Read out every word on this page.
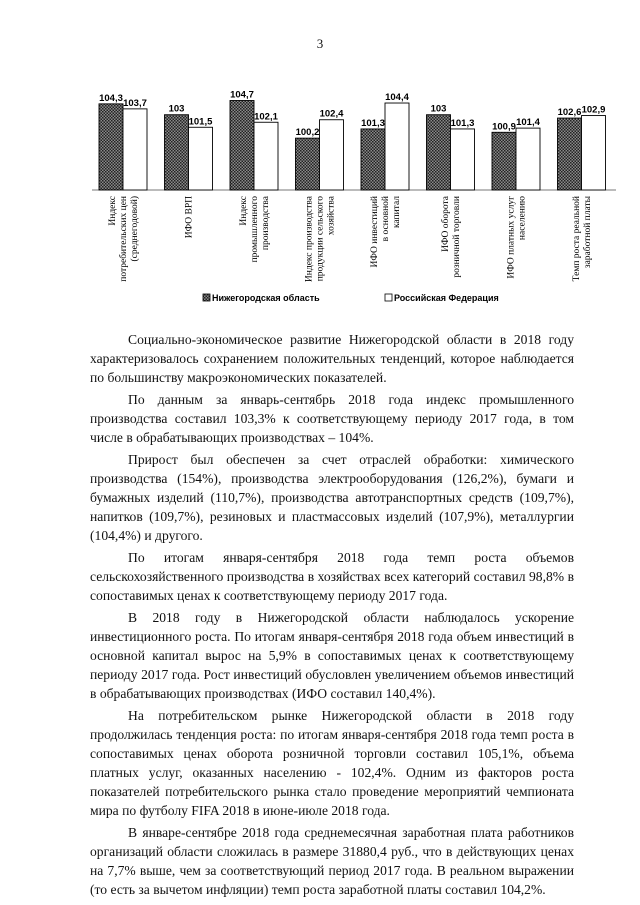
3
104,3 103,7
103
101,5
104,7
102,1
100,2
102,4
101,3
104,4
103
101,3 100,9 101,4
102,6 102,9
Индекс потребительских цен (среднегодовой)	ИФО ВРП	Индекс промышленного производства	Индекс производства продукции сельского хозяйства	ИФО инвестиций в основной капитал	ИФО оборота розничной торговли	ИФО платных услуг населению	Темп роста реальной заработной платы
Нижегородская область	Российская Федерация

Социально-экономическое развитие Нижегородской области в 2018 году характеризовалось сохранением положительных тенденций, которое наблюдается по большинству макроэкономических показателей.

По данным за январь-сентябрь 2018 года индекс промышленного производства составил 103,3% к соответствующему периоду 2017 года, в том числе в обрабатывающих производствах – 104%.

Прирост был обеспечен за счет отраслей обработки: химического производства (154%), производства электрооборудования (126,2%), бумаги и бумажных изделий (110,7%), производства автотранспортных средств (109,7%), напитков (109,7%), резиновых и пластмассовых изделий (107,9%), металлургии (104,4%) и другого.

По итогам января-сентября 2018 года темп роста объемов сельскохозяйственного производства в хозяйствах всех категорий составил 98,8% в сопоставимых ценах к соответствующему периоду 2017 года.

В 2018 году в Нижегородской области наблюдалось ускорение инвестиционного роста. По итогам января-сентября 2018 года объем инвестиций в основной капитал вырос на 5,9% в сопоставимых ценах к соответствующему периоду 2017 года. Рост инвестиций обусловлен увеличением объемов инвестиций в обрабатывающих производствах (ИФО составил 140,4%).

На потребительском рынке Нижегородской области в 2018 году продолжилась тенденция роста: по итогам января-сентября 2018 года темп роста в сопоставимых ценах оборота розничной торговли составил 105,1%, объема платных услуг, оказанных населению - 102,4%. Одним из факторов роста показателей потребительского рынка стало проведение мероприятий чемпионата мира по футболу FIFA 2018 в июне-июле 2018 года.

В январе-сентябре 2018 года среднемесячная заработная плата работников организаций области сложилась в размере 31880,4 руб., что в действующих ценах на 7,7% выше, чем за соответствующий период 2017 года. В реальном выражении (то есть за вычетом инфляции) темп роста заработной платы составил 104,2%.
